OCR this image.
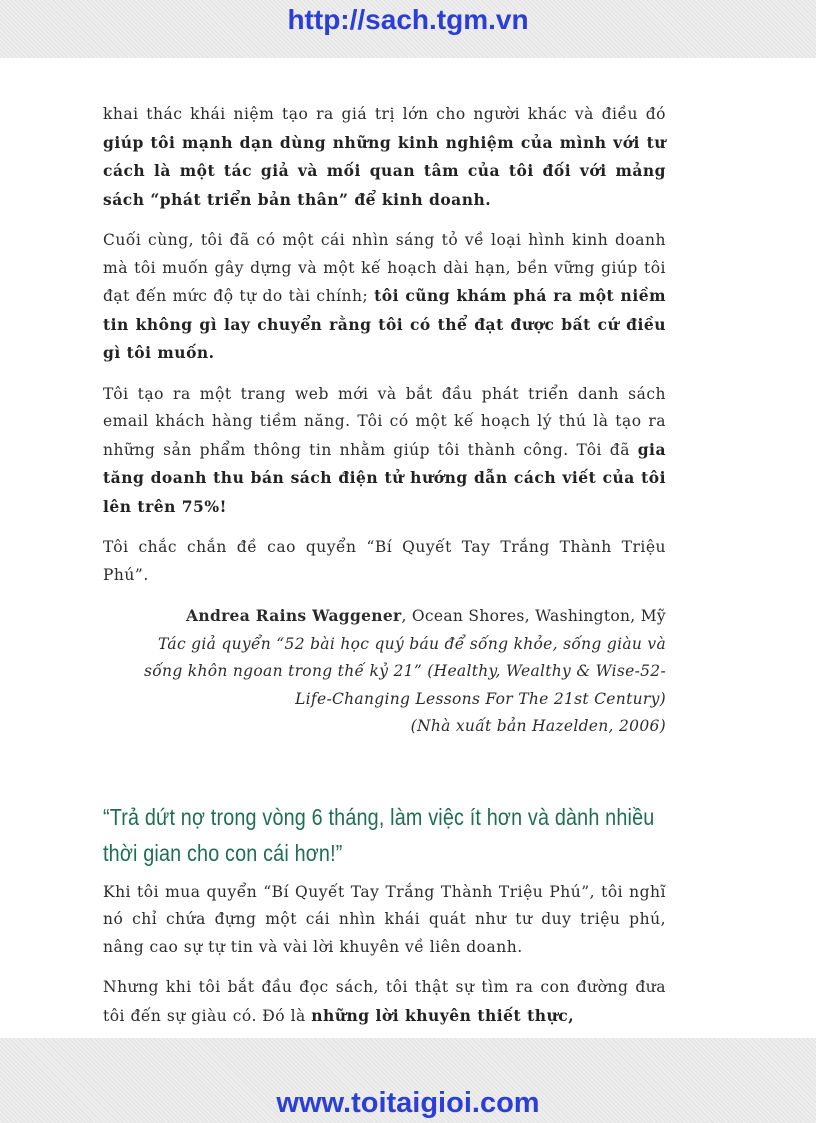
http://sach.tgm.vn

khai thác khái niệm tạo ra giá trị lớn cho người khác và điều đó giúp tôi mạnh dạn dùng những kinh nghiệm của mình với tư cách là một tác giả và mối quan tâm của tôi đối với mảng sách “phát triển bản thân” để kinh doanh.

Cuối cùng, tôi đã có một cái nhìn sáng tỏ về loại hình kinh doanh mà tôi muốn gây dựng và một kế hoạch dài hạn, bền vững giúp tôi đạt đến mức độ tự do tài chính; tôi cũng khám phá ra một niềm tin không gì lay chuyển rằng tôi có thể đạt được bất cứ điều gì tôi muốn.

Tôi tạo ra một trang web mới và bắt đầu phát triển danh sách email khách hàng tiềm năng. Tôi có một kế hoạch lý thú là tạo ra những sản phẩm thông tin nhằm giúp tôi thành công. Tôi đã gia tăng doanh thu bán sách điện tử hướng dẫn cách viết của tôi lên trên 75%!

Tôi chắc chắn đề cao quyển “Bí Quyết Tay Trắng Thành Triệu Phú”.

Andrea Rains Waggener, Ocean Shores, Washington, Mỹ

Tác giả quyển “52 bài học quý báu để sống khỏe, sống giàu và sống khôn ngoan trong thế kỷ 21” (Healthy, Wealthy & Wise-52-Life-Changing Lessons For The 21st Century)

(Nhà xuất bản Hazelden, 2006)

“Trả dứt nợ trong vòng 6 tháng, làm việc ít hơn và dành nhiều thời gian cho con cái hơn!”

Khi tôi mua quyển “Bí Quyết Tay Trắng Thành Triệu Phú”, tôi nghĩ nó chỉ chứa đựng một cái nhìn khái quát như tư duy triệu phú, nâng cao sự tự tin và vài lời khuyên về liên doanh.

Nhưng khi tôi bắt đầu đọc sách, tôi thật sự tìm ra con đường đưa tôi đến sự giàu có. Đó là những lời khuyên thiết thực,

www.toitaigioi.com
